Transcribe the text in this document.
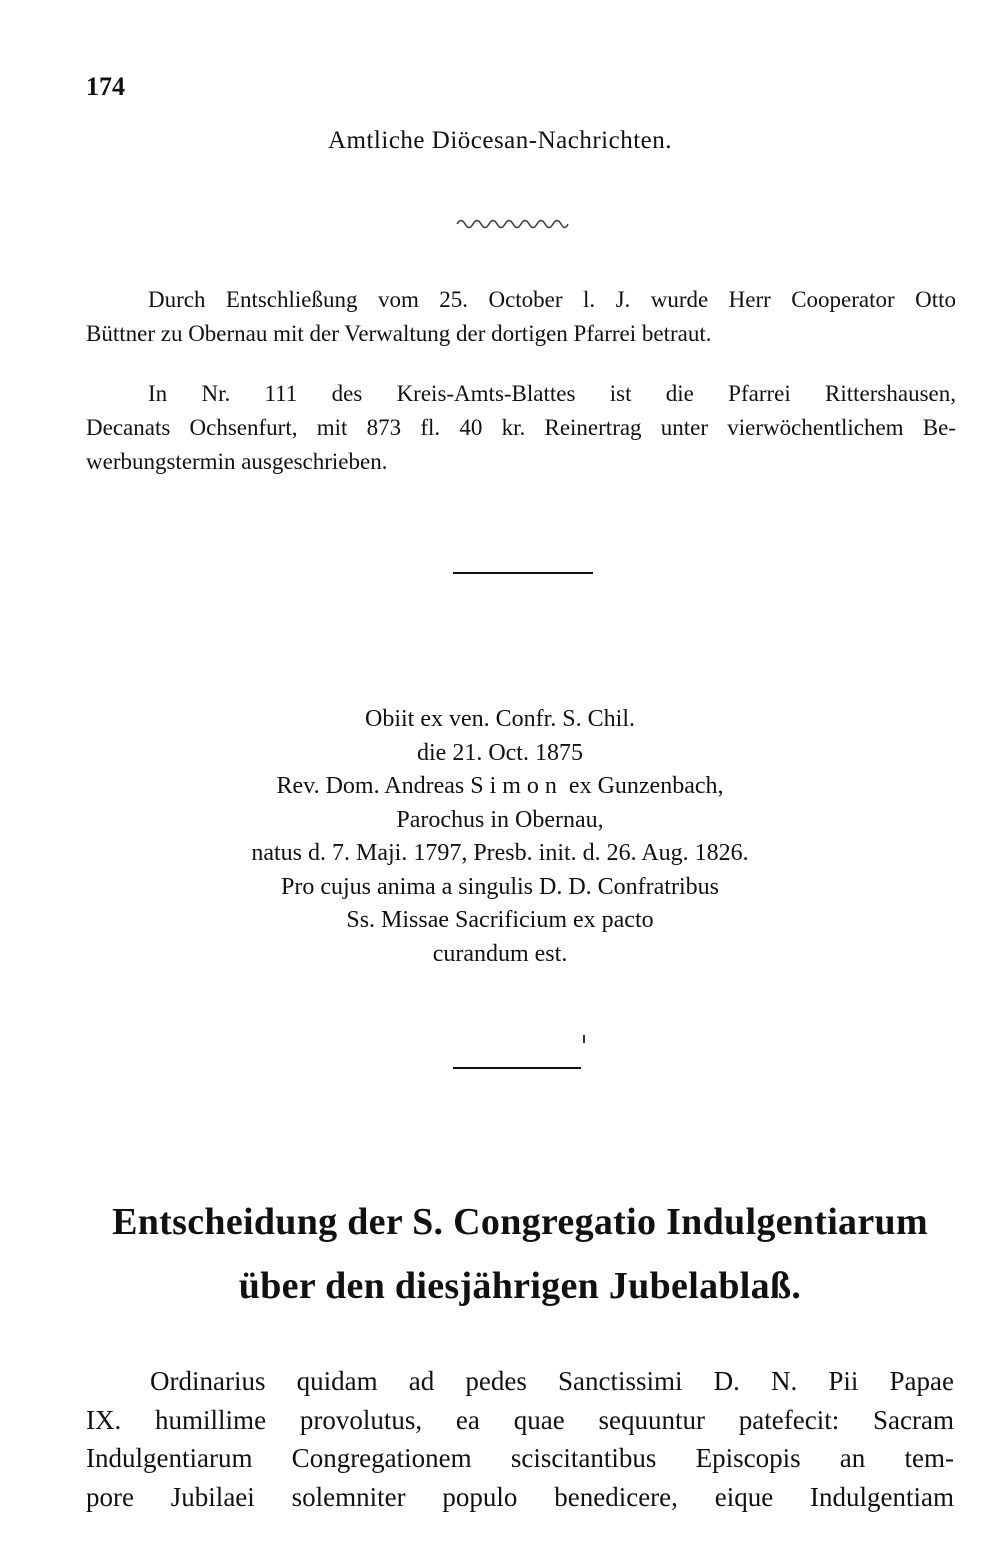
174
Amtliche Diöcesan-Nachrichten.
Durch Entschließung vom 25. October l. J. wurde Herr Cooperator Otto
Büttner zu Obernau mit der Verwaltung der dortigen Pfarrei betraut.
In Nr. 111 des Kreis-Amts-Blattes ist die Pfarrei Rittershausen,
Decanats Ochsenfurt, mit 873 fl. 40 kr. Reinertrag unter vierwöchentlichem Be-
werbungstermin ausgeschrieben.
Obiit ex ven. Confr. S. Chil.
die 21. Oct. 1875
Rev. Dom. Andreas Simon ex Gunzenbach,
Parochus in Obernau,
natus d. 7. Maji. 1797, Presb. init. d. 26. Aug. 1826.
Pro cujus anima a singulis D. D. Confratribus
Ss. Missae Sacrificium ex pacto
curandum est.
Entscheidung der S. Congregatio Indulgentiarum
über den diesjährigen Jubelablaß.
Ordinarius quidam ad pedes Sanctissimi D. N. Pii Papae
IX. humillime provolutus, ea quae sequuntur patefecit: Sacram
Indulgentiarum Congregationem sciscitantibus Episcopis an tem-
pore Jubilaei solemniter populo benedicere, eique Indulgentiam
